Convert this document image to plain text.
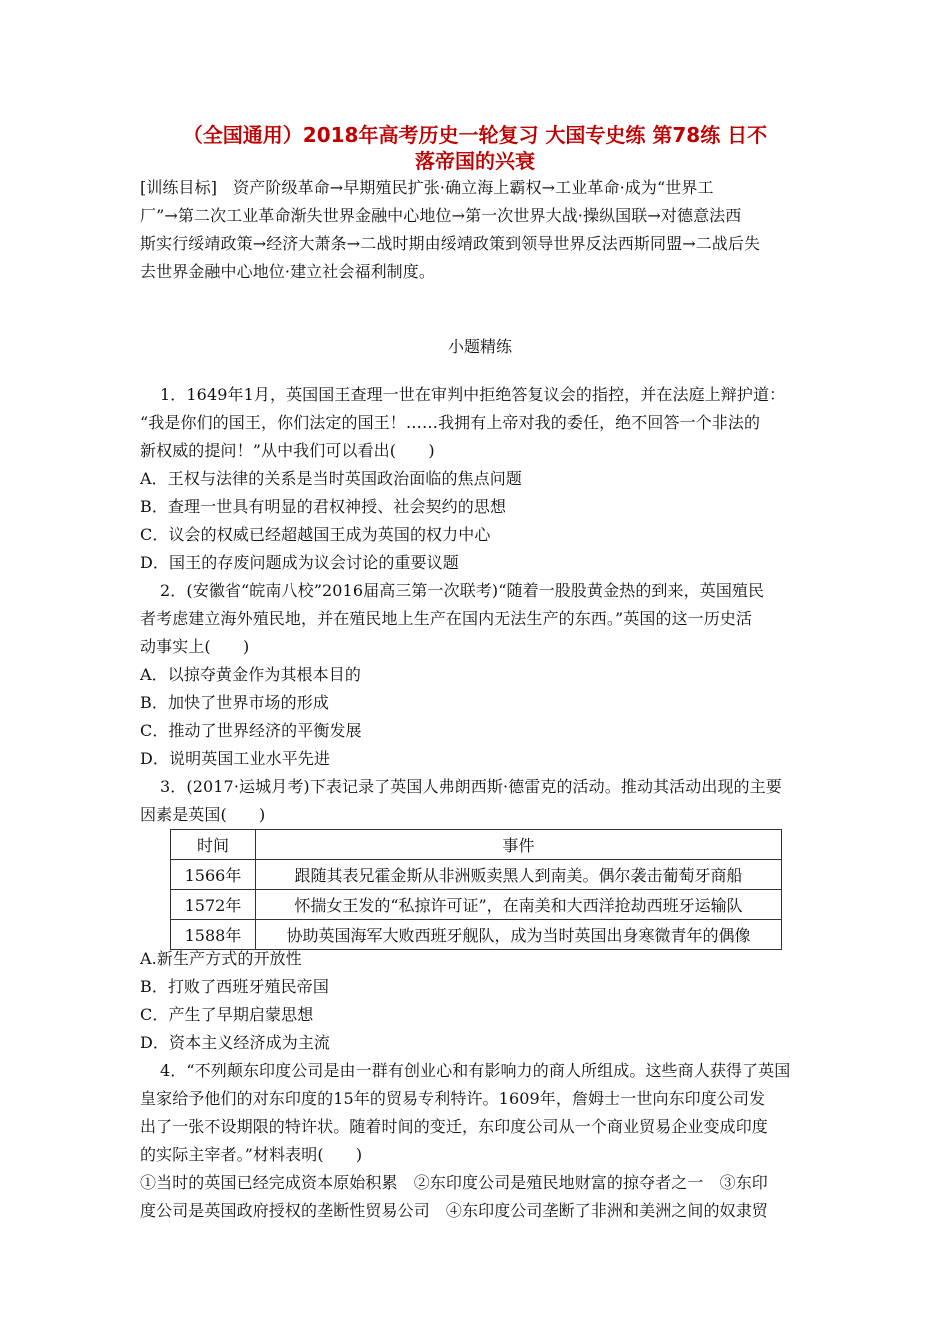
（全国通用）2018年高考历史一轮复习 大国专史练 第78练 日不
落帝国的兴衰
[训练目标]　资产阶级革命→早期殖民扩张·确立海上霸权→工业革命·成为“世界工
厂”→第二次工业革命渐失世界金融中心地位→第一次世界大战·操纵国联→对德意法西
斯实行绥靖政策→经济大萧条→二战时期由绥靖政策到领导世界反法西斯同盟→二战后失
去世界金融中心地位·建立社会福利制度。
小题精练
1．1649年1月，英国国王查理一世在审判中拒绝答复议会的指控，并在法庭上辩护道：
“我是你们的国王，你们法定的国王！……我拥有上帝对我的委任，绝不回答一个非法的
新权威的提问！”从中我们可以看出(　　)
A．王权与法律的关系是当时英国政治面临的焦点问题
B．查理一世具有明显的君权神授、社会契约的思想
C．议会的权威已经超越国王成为英国的权力中心
D．国王的存废问题成为议会讨论的重要议题
2．(安徽省“皖南八校”2016届高三第一次联考)“随着一股股黄金热的到来，英国殖民
者考虑建立海外殖民地，并在殖民地上生产在国内无法生产的东西。”英国的这一历史活
动事实上(　　)
A．以掠夺黄金作为其根本目的
B．加快了世界市场的形成
C．推动了世界经济的平衡发展
D．说明英国工业水平先进
3．(2017·运城月考)下表记录了英国人弗朗西斯·德雷克的活动。推动其活动出现的主要
因素是英国(　　)
时间	事件
1566年	跟随其表兄霍金斯从非洲贩卖黑人到南美。偶尔袭击葡萄牙商船
1572年	怀揣女王发的“私掠许可证”，在南美和大西洋抢劫西班牙运输队
1588年	协助英国海军大败西班牙舰队，成为当时英国出身寒微青年的偶像
A.新生产方式的开放性
B．打败了西班牙殖民帝国
C．产生了早期启蒙思想
D．资本主义经济成为主流
4．“不列颠东印度公司是由一群有创业心和有影响力的商人所组成。这些商人获得了英国
皇家给予他们的对东印度的15年的贸易专利特许。1609年，詹姆士一世向东印度公司发
出了一张不设期限的特许状。随着时间的变迁，东印度公司从一个商业贸易企业变成印度
的实际主宰者。”材料表明(　　)
①当时的英国已经完成资本原始积累　②东印度公司是殖民地财富的掠夺者之一　③东印
度公司是英国政府授权的垄断性贸易公司　④东印度公司垄断了非洲和美洲之间的奴隶贸
